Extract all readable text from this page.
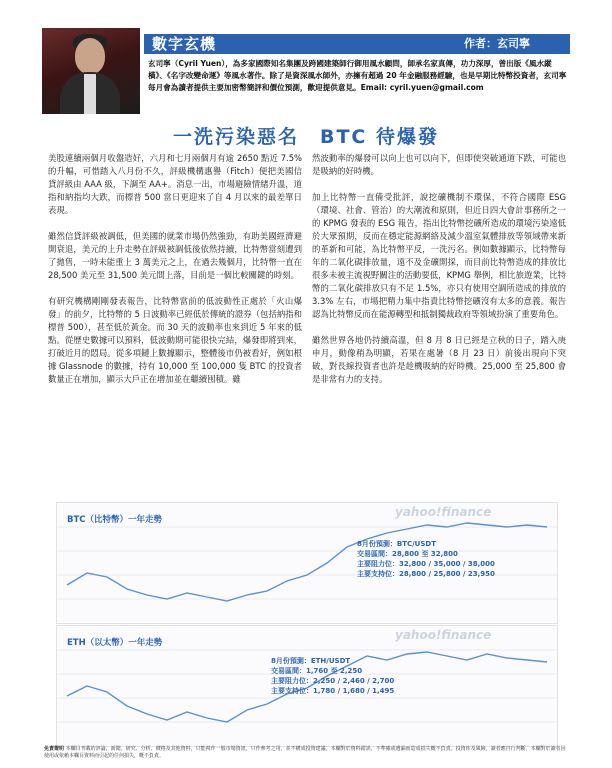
數字玄機	作者：玄司寧
玄司寧（Cyril Yuen），為多家國際知名集團及跨國建築師行御用風水顧問，師承名家真傳，功力深厚，曾出版《風水縱橫》、《名字改變命運》等風水著作。除了是資深風水師外，亦擁有超過 20 年金融服務經驗，也是早期比特幣投資者，玄司寧每月會為讀者提供主要加密幣簡評和價位預測，歡迎提供意見。Email: cyril.yuen@gmail.com
一洗污染惡名　BTC 待爆發

美股連續兩個月收盤造好，六月和七月兩個月有逾 2650 點近 7.5% 的升幅，可惜踏入八月份不久，評級機構惠譽（Fitch）便把美國信貸評級由 AAA 級，下調至 AA+。消息一出，市場避險情緒升溫，道指和納指均大跌，而標普 500 當日更迎來了自 4 月以來的最差單日表現。

雖然信貸評級被調低，但美國的就業市場仍然強勁，有助美國經濟避開衰退，美元的上升走勢在評級被調低後依然持續，比特幣當刻遭到了拋售，一時未能重上 3 萬美元之上，在過去幾個月，比特幣一直在 28,500 美元至 31,500 美元間上落，目前是一個比較關鍵的時刻。

有研究機構剛剛發表報告，比特幣當前的低波動性正處於「火山爆發」的前夕，比特幣的 5 日波動率已經低於傳統的證券（包括納指和標普 500），甚至低於黃金。而 30 天的波動率也來到近 5 年來的低點。從歷史數據可以預料，低波動期可能很快完結，爆發即將到來，打破近月的悶局。從多項鏈上數據顯示，整體後市仍被看好，例如根據 Glassnode 的數據，持有 10,000 至 100,000 隻 BTC 的投資者數量正在增加，顯示大戶正在增加並在繼續囤積。雖

然波動率的爆發可以向上也可以向下，但即使突破通道下跌，可能也是吸納的好時機。

加上比特幣一直備受批評，說挖礦機制不環保，不符合國際 ESG（環境、社會、管治）的大潮流和原則，但近日四大會計事務所之一的 KPMG 發表的 ESG 報告，指出比特幣挖礦所造成的環境污染遠低於大眾預期，反而在穩定能源網絡及減少溫室氣體排放等領域帶來新的革新和可能，為比特幣平反，一洗污名。例如數據顯示，比特幣每年的二氧化碳排放量，遠不及金礦開採，而目前比特幣造成的排放比很多未被主流視野關注的活動要低，KPMG 舉例，相比旅遊業，比特幣的二氧化碳排放只有不足 1.5%，亦只有使用空調所造成的排放的 3.3% 左右，市場把精力集中指責比特幣挖礦沒有太多的意義。報告認為比特幣反而在能源轉型和抵制獨裁政府等領域扮演了重要角色。

雖然世界各地仍持續高溫，但 8 月 8 日已經是立秋的日子，踏入庚申月，動像稍為明顯，若果在處暑（8 月 23 日）前後出現向下突破，對長線投資者也許是趁機吸納的好時機。25,000 至 25,800 會是非常有力的支持。

yahoo!finance
BTC（比特幣）一年走勢
8月份預測：BTC/USDT
交易區間：28,800 至 32,800
主要阻力位：32,800 / 35,000 / 38,000
主要支持位：28,800 / 25,800 / 23,950
yahoo!finance
ETH（以太幣）一年走勢
8月份預測：ETH/USDT
交易區間：1,760 至 2,250
主要阻力位：2,250 / 2,460 / 2,700
主要支持位：1,780 / 1,680 / 1,495
免責聲明 本欄目刊載的評論、新聞、研究、分析、價格及其他資料，只能視作一般市場資訊，只作參考之用，並不構成投資建議。本欄對於資料錯誤、不準確或遺漏而造成損失概不負責。投資涉及風險，讀者應自行判斷，本欄對於讀者因使用或依賴本欄目資料而引起的任何損失，概不負責。
